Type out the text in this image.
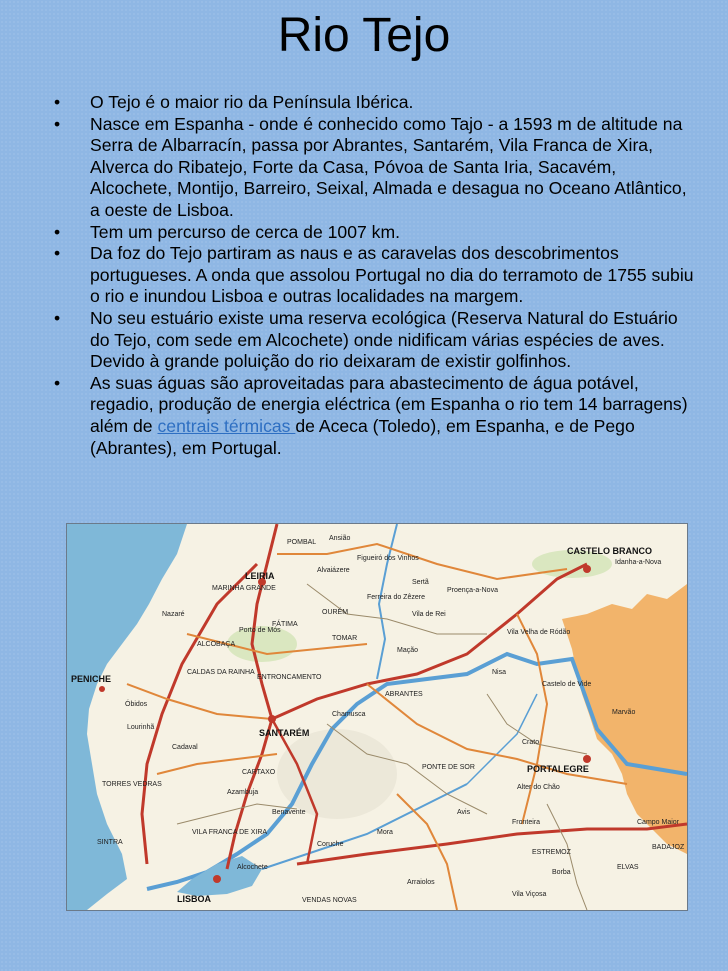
Rio Tejo
• O Tejo é o maior rio da Península Ibérica.
• Nasce em Espanha - onde é conhecido como Tajo - a 1593 m de altitude na Serra de Albarracín, passa por Abrantes, Santarém, Vila Franca de Xira, Alverca do Ribatejo, Forte da Casa, Póvoa de Santa Iria, Sacavém, Alcochete, Montijo, Barreiro, Seixal, Almada e desagua no Oceano Atlântico, a oeste de Lisboa.
• Tem um percurso de cerca de 1007 km.
• Da foz do Tejo partiram as naus e as caravelas dos descobrimentos portugueses. A onda que assolou Portugal no dia do terramoto de 1755 subiu o rio e inundou Lisboa e outras localidades na margem.
• No seu estuário existe uma reserva ecológica (Reserva Natural do Estuário do Tejo, com sede em Alcochete) onde nidificam várias espécies de aves. Devido à grande poluição do rio deixaram de existir golfinhos.
• As suas águas são aproveitadas para abastecimento de água potável, regadio, produção de energia eléctrica (em Espanha o rio tem 14 barragens) além de centrais térmicas de Aceca (Toledo), em Espanha, e de Pego (Abrantes), em Portugal.
LEIRIA
SANTARÉM
LISBOA
PORTALEGRE
CASTELO BRANCO
PENICHE
POMBAL
Ansião
Figueiró dos Vinhos
Alvaiázere
Sertã
Proença-a-Nova
Idanha-a-Nova
MARINHA GRANDE
OURÉM
Ferreira do Zêzere
Vila de Rei
Nazaré
FÁTIMA
Porto de Mós
TOMAR
Vila Velha de Ródão
ALCOBAÇA
Mação
CALDAS DA RAINHA
ENTRONCAMENTO
ABRANTES
Nisa
Castelo de Vide
Óbidos
Chamusca	Marvão
Lourinhã
Cadaval
Crato
PONTE DE SOR
Alter do Chão
TORRES VEDRAS
CARTAXO
Azambuja
Benavente	Avis
Fronteira
VILA FRANCA DE XIRA
Coruche
Mora
Campo Maior
Alcochete
ESTREMOZ
ELVAS
BADAJOZ
Borba
Arraiolos
VENDAS NOVAS
Vila Viçosa
SINTRA
